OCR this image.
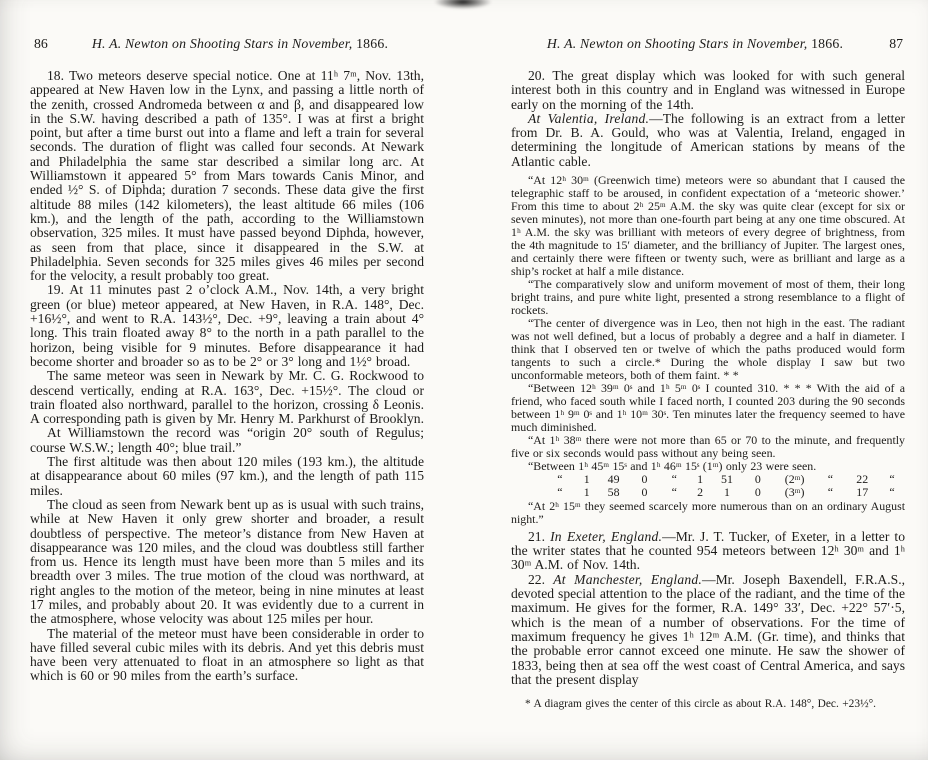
86	H. A. Newton on Shooting Stars in November, 1866.

18. Two meteors deserve special notice. One at 11ʰ 7ᵐ, Nov. 13th, appeared at New Haven low in the Lynx, and passing a little north of the zenith, crossed Andromeda between α and β, and disappeared low in the S.W. having described a path of 135°. I was at first a bright point, but after a time burst out into a flame and left a train for several seconds. The duration of flight was called four seconds. At Newark and Philadelphia the same star described a similar long arc. At Williamstown it appeared 5° from Mars towards Canis Minor, and ended ½° S. of Diphda; duration 7 seconds. These data give the first altitude 88 miles (142 kilometers), the least altitude 66 miles (106 km.), and the length of the path, according to the Williamstown observation, 325 miles. It must have passed beyond Diphda, however, as seen from that place, since it disappeared in the S.W. at Philadelphia. Seven seconds for 325 miles gives 46 miles per second for the velocity, a result probably too great.

19. At 11 minutes past 2 o’clock A.M., Nov. 14th, a very bright green (or blue) meteor appeared, at New Haven, in R.A. 148°, Dec. +16½°, and went to R.A. 143½°, Dec. +9°, leaving a train about 4° long. This train floated away 8° to the north in a path parallel to the horizon, being visible for 9 minutes. Before disappearance it had become shorter and broader so as to be 2° or 3° long and 1½° broad.

The same meteor was seen in Newark by Mr. C. G. Rockwood to descend vertically, ending at R.A. 163°, Dec. +15½°. The cloud or train floated also northward, parallel to the horizon, crossing δ Leonis. A corresponding path is given by Mr. Henry M. Parkhurst of Brooklyn.

At Williamstown the record was “origin 20° south of Regulus; course W.S.W.; length 40°; blue trail.”

The first altitude was then about 120 miles (193 km.), the altitude at disappearance about 60 miles (97 km.), and the length of path 115 miles.

The cloud as seen from Newark bent up as is usual with such trains, while at New Haven it only grew shorter and broader, a result doubtless of perspective. The meteor’s distance from New Haven at disappearance was 120 miles, and the cloud was doubtless still farther from us. Hence its length must have been more than 5 miles and its breadth over 3 miles. The true motion of the cloud was northward, at right angles to the motion of the meteor, being in nine minutes at least 17 miles, and probably about 20. It was evidently due to a current in the atmosphere, whose velocity was about 125 miles per hour.

The material of the meteor must have been considerable in order to have filled several cubic miles with its debris. And yet this debris must have been very attenuated to float in an atmosphere so light as that which is 60 or 90 miles from the earth’s surface.

87
H. A. Newton on Shooting Stars in November, 1866.

20. The great display which was looked for with such general interest both in this country and in England was witnessed in Europe early on the morning of the 14th.

At Valentia, Ireland.—The following is an extract from a letter from Dr. B. A. Gould, who was at Valentia, Ireland, engaged in determining the longitude of American stations by means of the Atlantic cable.

“At 12ʰ 30ᵐ (Greenwich time) meteors were so abundant that I caused the telegraphic staff to be aroused, in confident expectation of a ‘meteoric shower.’ From this time to about 2ʰ 25ᵐ A.M. the sky was quite clear (except for six or seven minutes), not more than one-fourth part being at any one time obscured. At 1ʰ A.M. the sky was brilliant with meteors of every degree of brightness, from the 4th magnitude to 15′ diameter, and the brilliancy of Jupiter. The largest ones, and certainly there were fifteen or twenty such, were as brilliant and large as a ship’s rocket at half a mile distance.

“The comparatively slow and uniform movement of most of them, their long bright trains, and pure white light, presented a strong resemblance to a flight of rockets.

“The center of divergence was in Leo, then not high in the east. The radiant was not well defined, but a locus of probably a degree and a half in diameter. I think that I observed ten or twelve of which the paths produced would form tangents to such a circle.* During the whole display I saw but two unconformable meteors, both of them faint. * *

“Between 12ʰ 39ᵐ 0ˢ and 1ʰ 5ᵐ 0ˢ I counted 310. * * * With the aid of a friend, who faced south while I faced north, I counted 203 during the 90 seconds between 1ʰ 9ᵐ 0ˢ and 1ʰ 10ᵐ 30ˢ. Ten minutes later the frequency seemed to have much diminished.

“At 1ʰ 38ᵐ there were not more than 65 or 70 to the minute, and frequently five or six seconds would pass without any being seen.

“Between 1ʰ 45ᵐ 15ˢ and 1ʰ 46ᵐ 15ˢ (1ᵐ) only 23 were seen.

“	1	49	0	“	1	51	0	(2ᵐ)	“	22	“
“	1	58	0	“	2	1	0	(3ᵐ)	“	17	“

“At 2ʰ 15ᵐ they seemed scarcely more numerous than on an ordinary August night.”

21. In Exeter, England.—Mr. J. T. Tucker, of Exeter, in a letter to the writer states that he counted 954 meteors between 12ʰ 30ᵐ and 1ʰ 30ᵐ A.M. of Nov. 14th.

22. At Manchester, England.—Mr. Joseph Baxendell, F.R.A.S., devoted special attention to the place of the radiant, and the time of the maximum. He gives for the former, R.A. 149° 33′, Dec. +22° 57′·5, which is the mean of a number of observations. For the time of maximum frequency he gives 1ʰ 12ᵐ A.M. (Gr. time), and thinks that the probable error cannot exceed one minute. He saw the shower of 1833, being then at sea off the west coast of Central America, and says that the present display

* A diagram gives the center of this circle as about R.A. 148°, Dec. +23½°.
